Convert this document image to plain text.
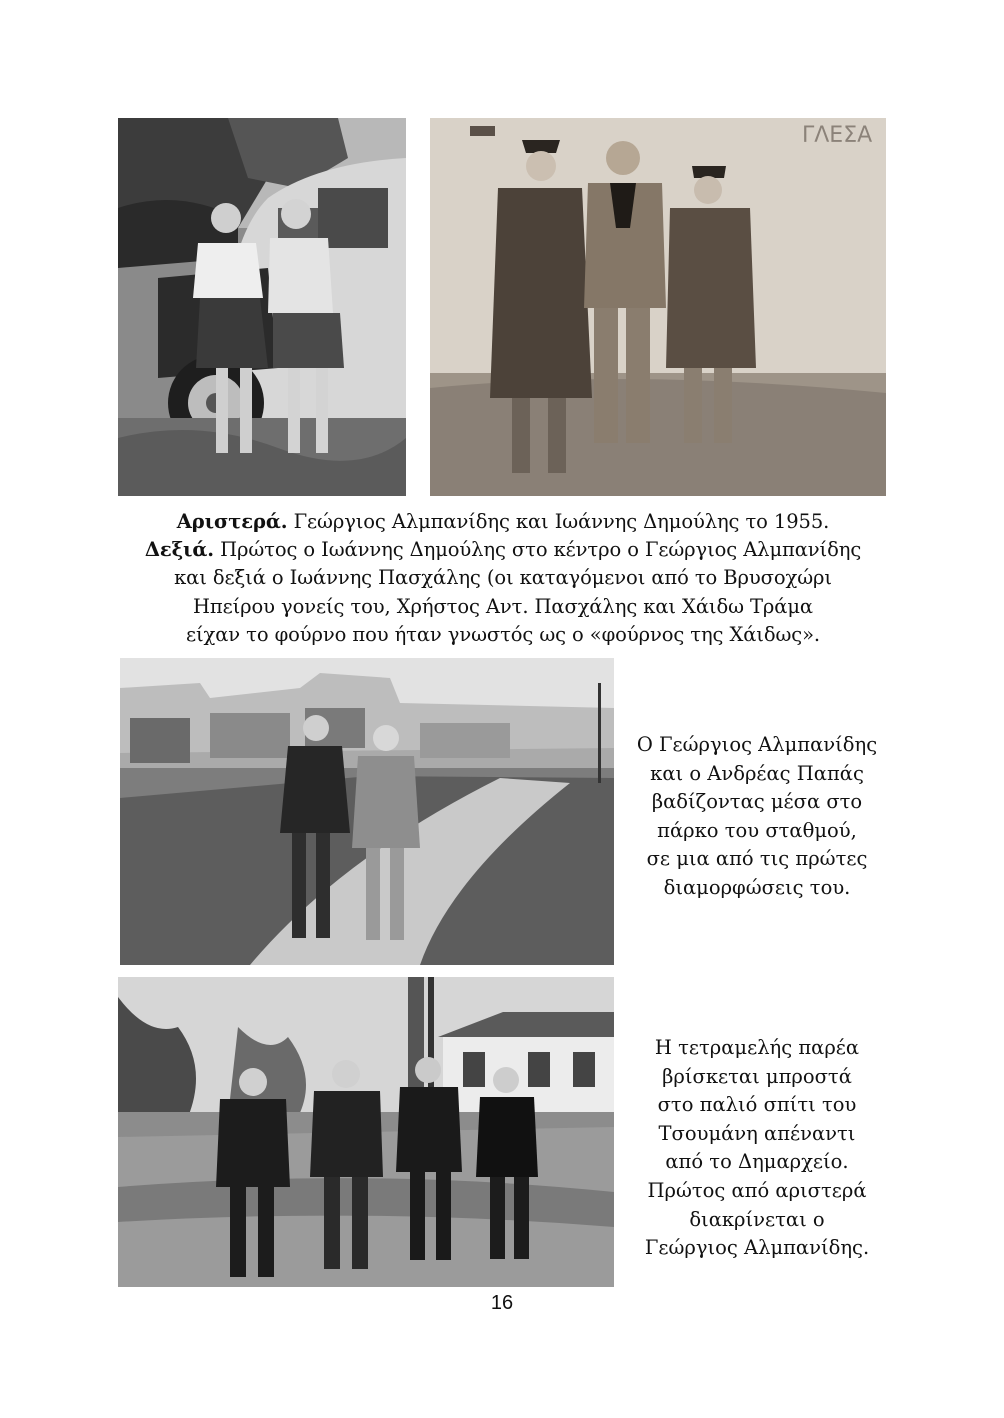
ΓΛΕΣΑ
Αριστερά. Γεώργιος Αλμπανίδης και Ιωάννης Δημούλης το 1955.
Δεξιά. Πρώτος ο Ιωάννης Δημούλης στο κέντρο ο Γεώργιος Αλμπανίδης
και δεξιά ο Ιωάννης Πασχάλης (οι καταγόμενοι από το Βρυσοχώρι
Ηπείρου γονείς του, Χρήστος Αντ. Πασχάλης και Χάιδω Τράμα
είχαν το φούρνο που ήταν γνωστός ως ο «φούρνος της Χάιδως».
Ο Γεώργιος Αλμπανίδης
και ο Ανδρέας Παπάς
βαδίζοντας μέσα στο
πάρκο του σταθμού,
σε μια από τις πρώτες
διαμορφώσεις του.
Η τετραμελής παρέα
βρίσκεται μπροστά
στο παλιό σπίτι του
Τσουμάνη απέναντι
από το Δημαρχείο.
Πρώτος από αριστερά
διακρίνεται ο
Γεώργιος Αλμπανίδης.
16
